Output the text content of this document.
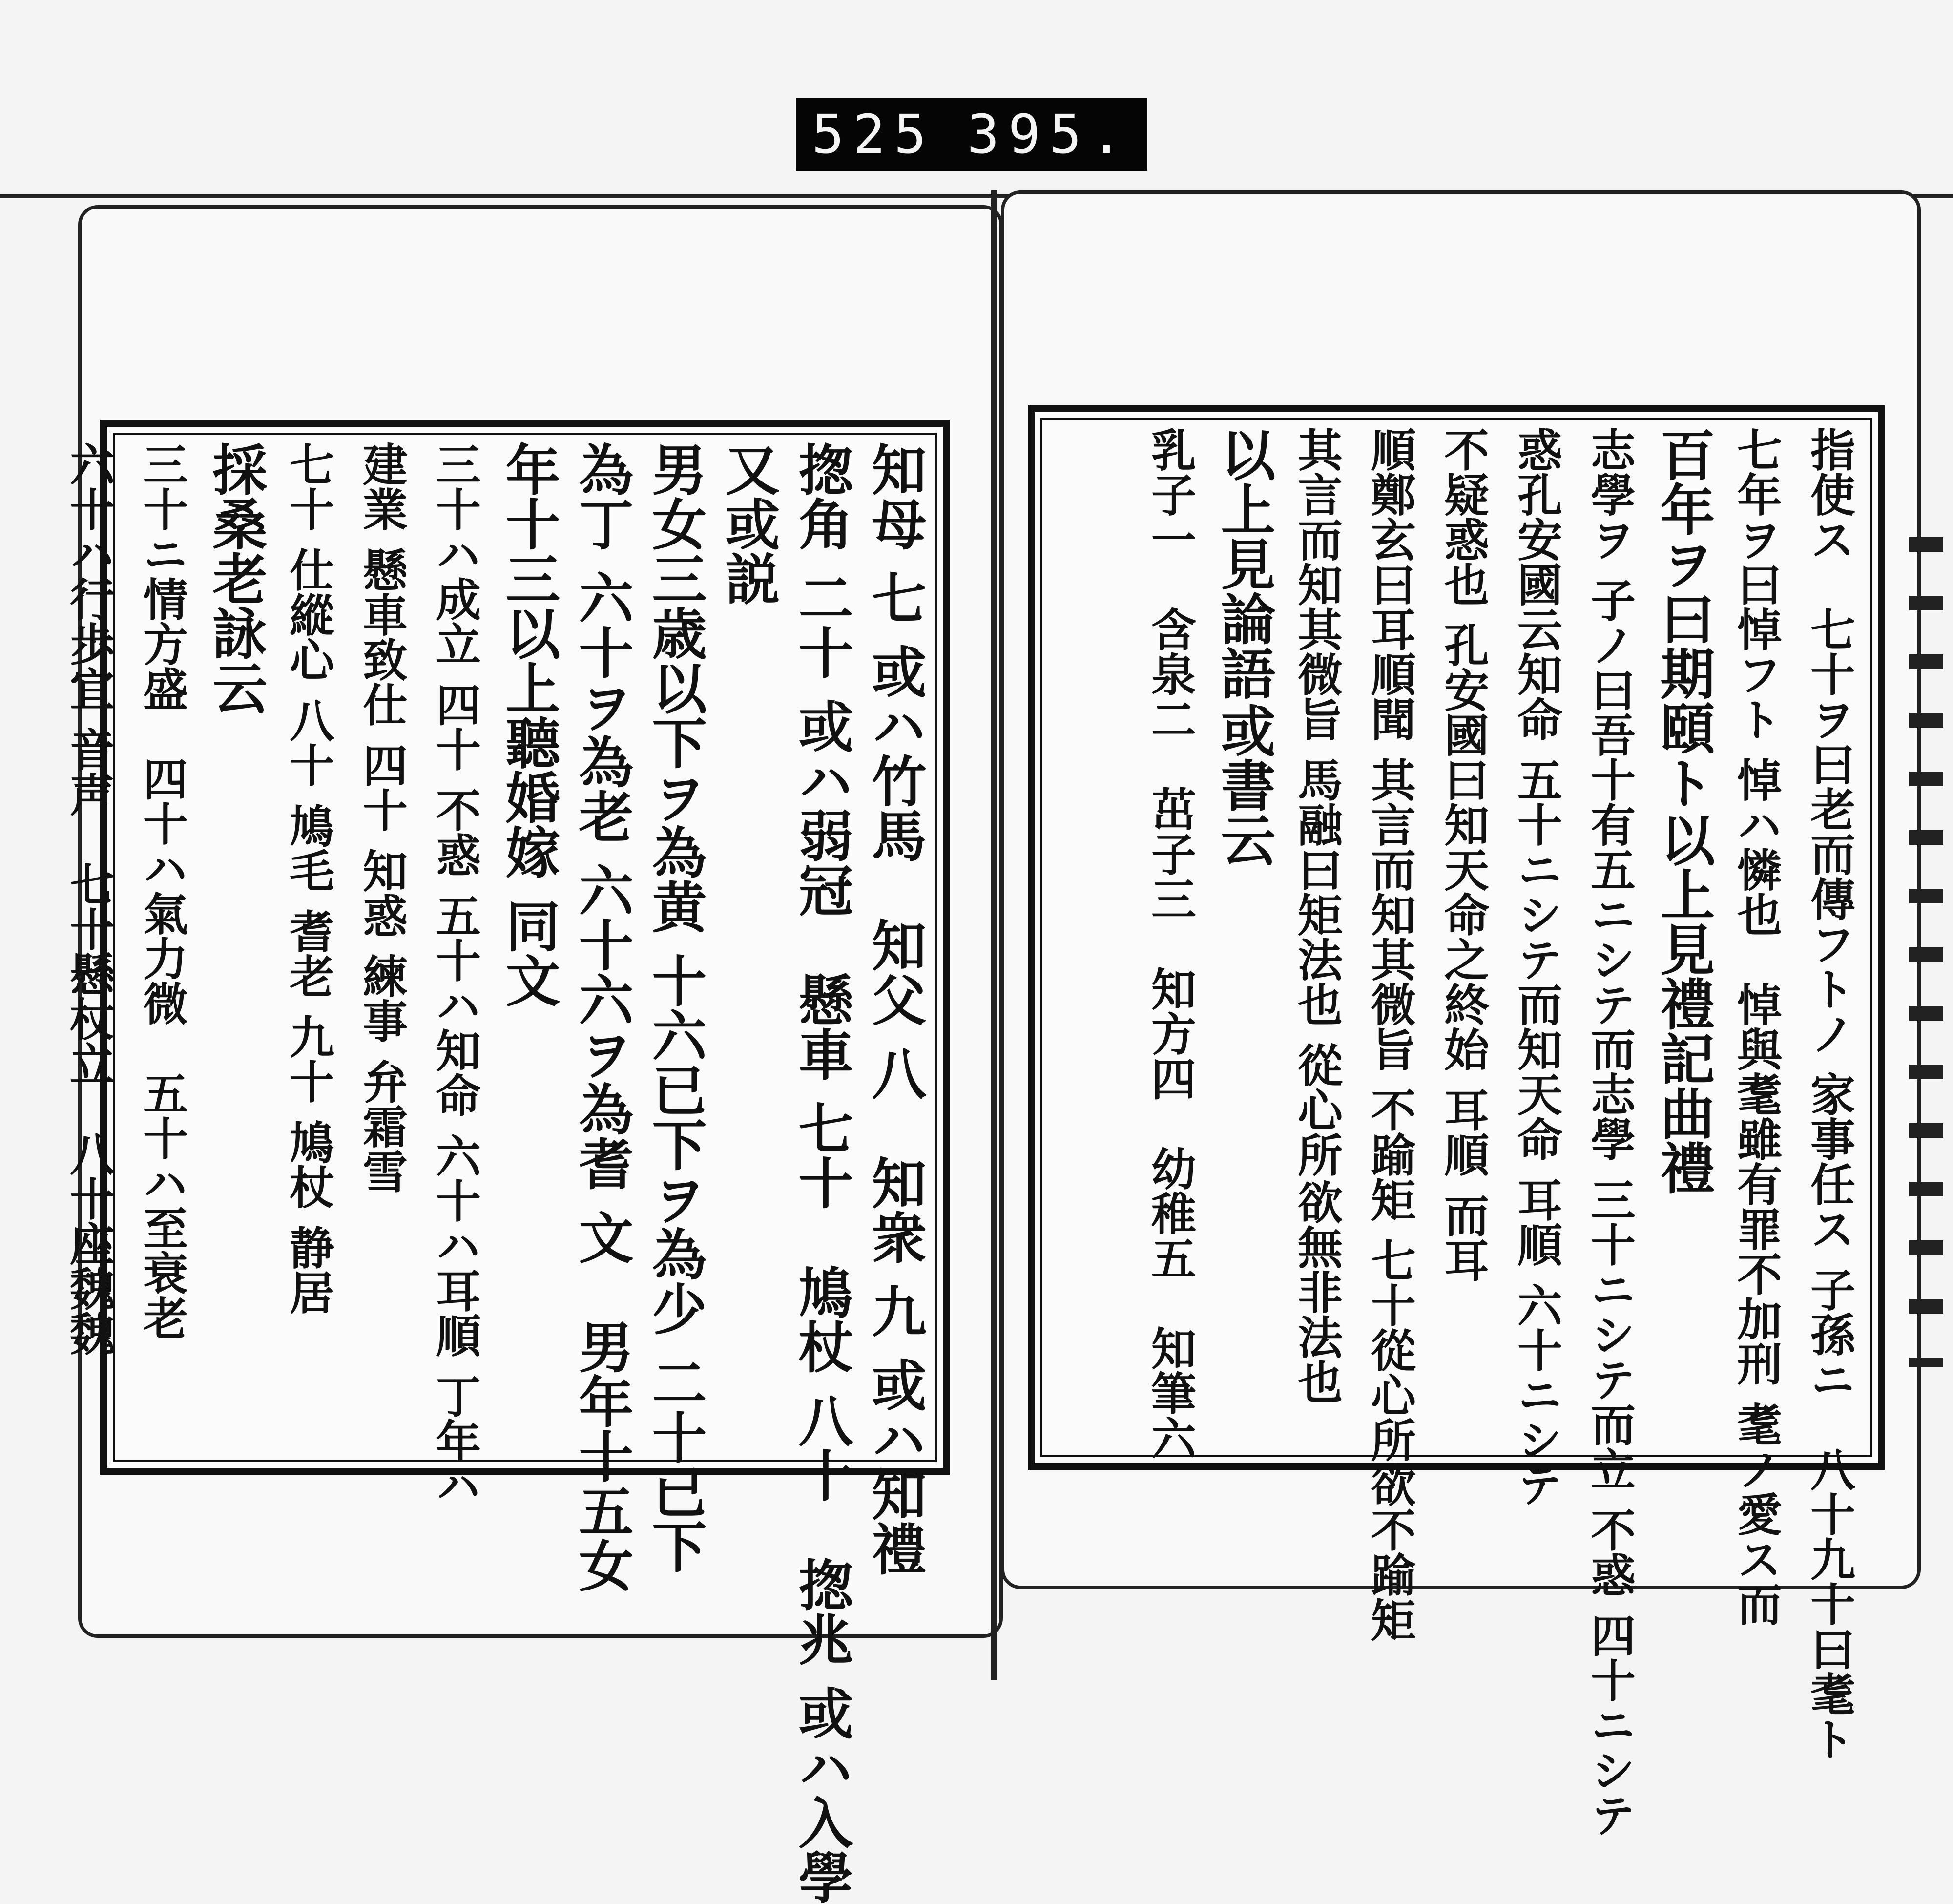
525 395.
知母 七 或ハ竹馬　知父 八　知衆 九 或ハ知禮 揔角 二十 或ハ弱冠　懸車 七十　鳩杖 八十　揔兆 或ハ入學 又或説 男女三歳以下ヲ為黄 十六已下ヲ為少 二十已下 為丁 六十ヲ為老 六十六ヲ為耆 文　男年十五女 年十三以上聽婚嫁 同文 三十ハ成立 四十 不惑 五十ハ知命 六十ハ耳順 丁年ハ 建業 懸車致仕 四十 知惑 練事 弁霜雪 七十 仕縱心 八十 鳩毛 耆老 九十 鳩杖 静居 採桑老詠云 三十ニ情方盛　四十ハ氣力微　五十ハ至衰老 六十ハ行歩宜 音声　七十懸杖立　八十座魏魏	指使ス　七十ヲ曰老而傳フトノ 家事任ス 子孫ニ　八十九十曰耄ト 七年ヲ曰悼フト 悼ハ憐也　悼與耄雖有罪不加刑 耄ノ愛ス而 百年ヲ曰期頤ト 以上見禮記曲禮 志學ヲ 子ノ曰吾十有五ニシテ而志學 三十ニシテ而立 不惑 四十ニシテ 惑孔安國云知命 五十ニシテ而知天命 耳順 六十ニシテ 不疑惑也 孔安國曰知天命之終始 耳順 而耳 順鄭玄曰耳順聞 其言而知其微旨 不踰矩 七十從心所欲不踰矩 其言而知其微旨 馬融曰矩法也 從心所 欲無非法也 以上見論語 或書云 乳子一　含泉二　茁子三　知方四　幼稚五　知筆六
